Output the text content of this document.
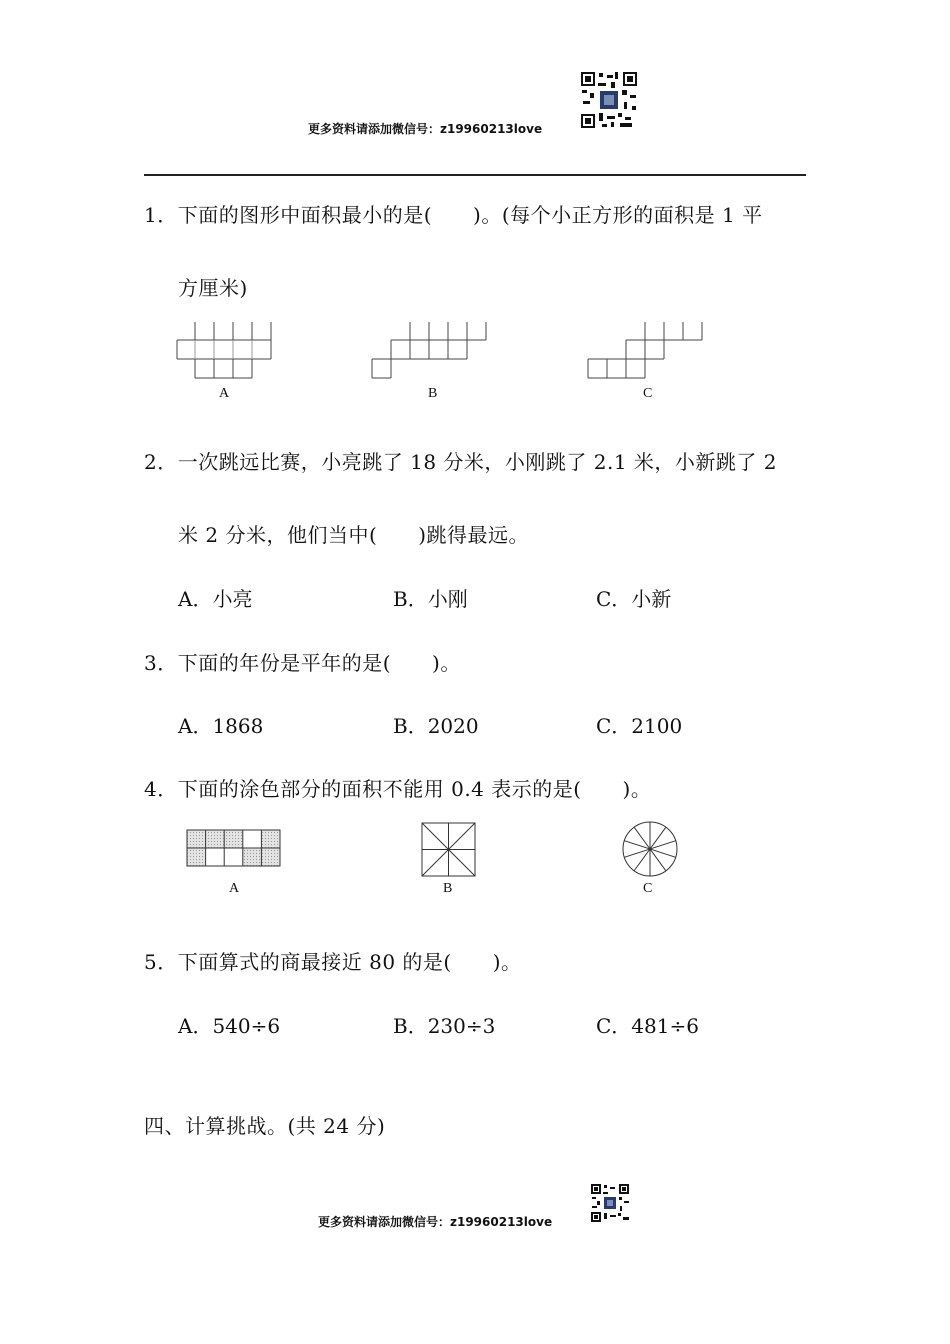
更多资料请添加微信号：z19960213love
1．下面的图形中面积最小的是(　　)。(每个小正方形的面积是 1 平
方厘米)
A	B	C
2．一次跳远比赛，小亮跳了 18 分米，小刚跳了 2.1 米，小新跳了 2
米 2 分米，他们当中(　　)跳得最远。
A．小亮	B．小刚	C．小新
3．下面的年份是平年的是(　　)。
A．1868	B．2020	C．2100
4．下面的涂色部分的面积不能用 0.4 表示的是(　　)。
A	B	C
5．下面算式的商最接近 80 的是(　　)。
A．540÷6	B．230÷3	C．481÷6
四、计算挑战。(共 24 分)
更多资料请添加微信号：z19960213love
